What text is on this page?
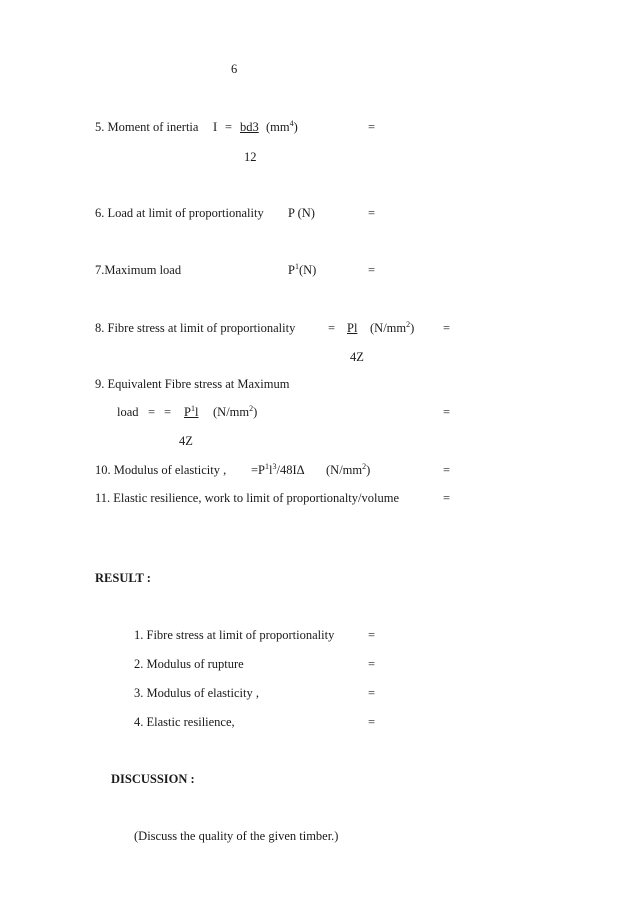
6
5. Moment of inertia I = bd3 $(mm^4)$	=
12
6. Load at limit of proportionality P (N)	=
7.Maximum load	$P^1(N)$	=
8. Fibre stress at limit of proportionality	= Pl $(N/mm^2)$ =
4Z
9. Equivalent Fibre stress at Maximum
load = = $P^1l$ $(N/mm^2)$	=
4Z
10. Modulus of elasticity , $=P^1l^3/48I\Delta$ $(N/mm^2)$	=
11. Elastic resilience, work to limit of proportionalty/volume	=
RESULT :
1. Fibre stress at limit of proportionality	=
2. Modulus of rupture	=
3. Modulus of elasticity ,	=
4. Elastic resilience,	=
DISCUSSION :
(Discuss the quality of the given timber.)
